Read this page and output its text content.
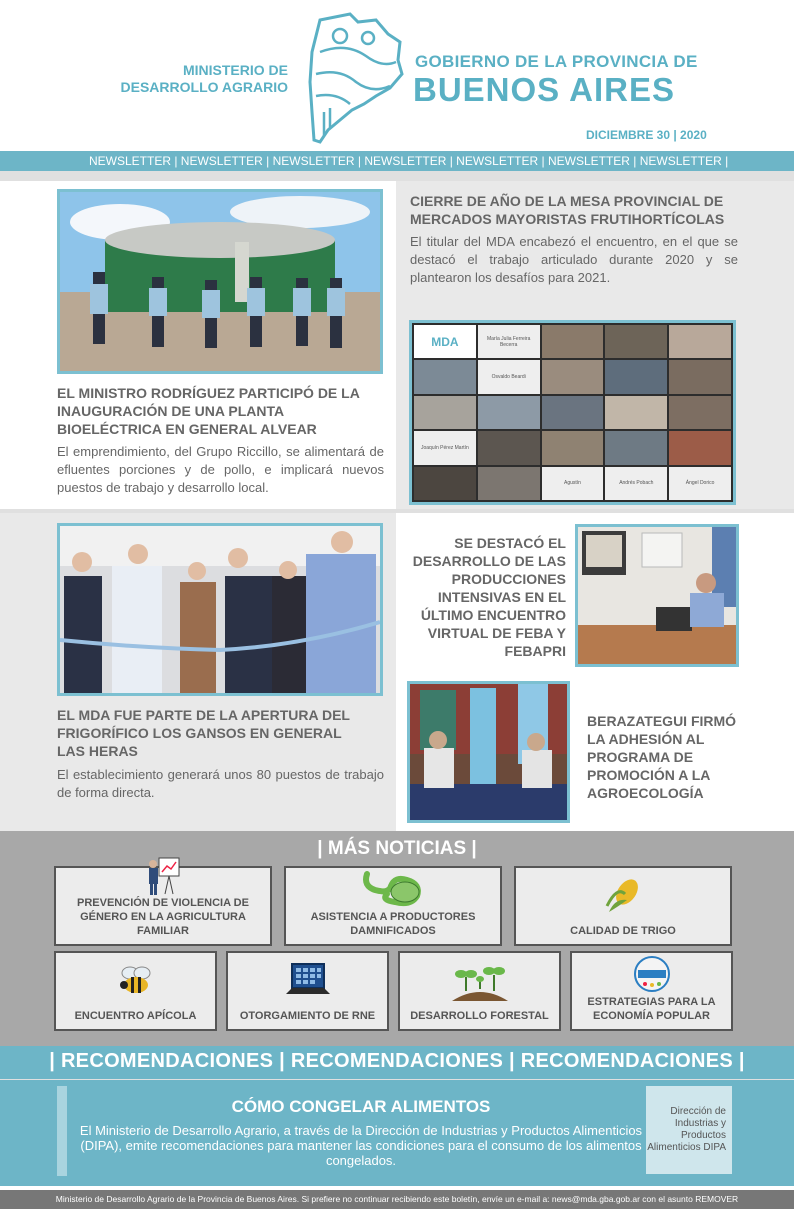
MINISTERIO DE DESARROLLO AGRARIO
GOBIERNO DE LA PROVINCIA DE
BUENOS AIRES
DICIEMBRE 30 | 2020
NEWSLETTER | NEWSLETTER | NEWSLETTER | NEWSLETTER | NEWSLETTER | NEWSLETTER | NEWSLETTER |
EL MINISTRO RODRÍGUEZ PARTICIPÓ DE LA INAUGURACIÓN DE UNA PLANTA BIOELÉCTRICA EN GENERAL ALVEAR

El emprendimiento, del Grupo Riccillo, se alimentará de efluentes porciones y de pollo, e implicará nuevos puestos de trabajo y desarrollo local.

CIERRE DE AÑO DE LA MESA PROVINCIAL DE MERCADOS MAYORISTAS FRUTIHORTÍCOLAS

El titular del MDA encabezó el encuentro, en el que se destacó el trabajo articulado durante 2020 y se plantearon los desafíos para 2021.

MDA	María Julia Ferreira Becerra
Osvaldo Beardi
Joaquín Pérez Martín
Agustín	Andrés Pobach	Ángel Dorico
EL MDA FUE PARTE DE LA APERTURA DEL FRIGORÍFICO LOS GANSOS EN GENERAL LAS HERAS

El establecimiento generará unos 80 puestos de trabajo de forma directa.

SE DESTACÓ EL DESARROLLO DE LAS PRODUCCIONES INTENSIVAS EN EL ÚLTIMO ENCUENTRO VIRTUAL DE FEBA Y FEBAPRI
BERAZATEGUI FIRMÓ LA ADHESIÓN AL PROGRAMA DE PROMOCIÓN A LA AGROECOLOGÍA
| MÁS NOTICIAS |
PREVENCIÓN DE VIOLENCIA DE GÉNERO EN LA AGRICULTURA FAMILIAR
ASISTENCIA A PRODUCTORES DAMNIFICADOS	CALIDAD DE TRIGO
ENCUENTRO APÍCOLA	OTORGAMIENTO DE RNE	DESARROLLO FORESTAL
ESTRATEGIAS PARA LA ECONOMÍA POPULAR
| RECOMENDACIONES | RECOMENDACIONES | RECOMENDACIONES |
CÓMO CONGELAR ALIMENTOS
El Ministerio de Desarrollo Agrario, a través de la Dirección de Industrias y Productos Alimenticios (DIPA), emite recomendaciones para mantener las condiciones para el consumo de los alimentos congelados.
Dirección de Industrias y Productos Alimenticios DIPA
Ministerio de Desarrollo Agrario de la Provincia de Buenos Aires. Si prefiere no continuar recibiendo este boletín, envíe un e-mail a: news@mda.gba.gob.ar con el asunto REMOVER
